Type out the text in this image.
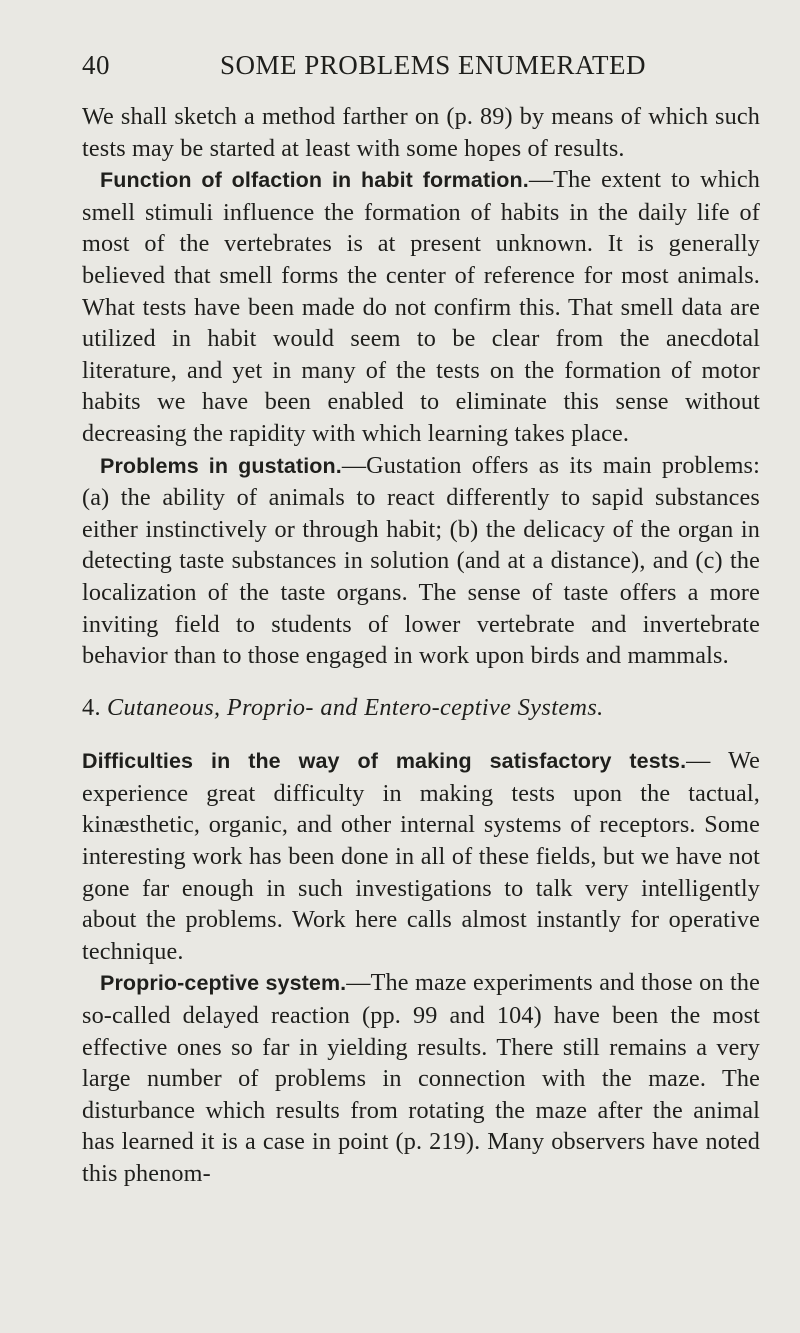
40	SOME PROBLEMS ENUMERATED

We shall sketch a method farther on (p. 89) by means of which such tests may be started at least with some hopes of results.

Function of olfaction in habit formation.—The extent to which smell stimuli influence the formation of habits in the daily life of most of the vertebrates is at present unknown. It is generally believed that smell forms the center of reference for most animals. What tests have been made do not confirm this. That smell data are utilized in habit would seem to be clear from the anecdotal literature, and yet in many of the tests on the formation of motor habits we have been enabled to eliminate this sense without decreasing the rapidity with which learning takes place.

Problems in gustation.—Gustation offers as its main problems: (a) the ability of animals to react differently to sapid substances either instinctively or through habit; (b) the delicacy of the organ in detecting taste substances in solution (and at a distance), and (c) the localization of the taste organs. The sense of taste offers a more inviting field to students of lower vertebrate and invertebrate behavior than to those engaged in work upon birds and mammals.

4. Cutaneous, Proprio- and Entero-ceptive Systems.

Difficulties in the way of making satisfactory tests.— We experience great difficulty in making tests upon the tactual, kinæsthetic, organic, and other internal systems of receptors. Some interesting work has been done in all of these fields, but we have not gone far enough in such investigations to talk very intelligently about the problems. Work here calls almost instantly for operative technique.

Proprio-ceptive system.—The maze experiments and those on the so-called delayed reaction (pp. 99 and 104) have been the most effective ones so far in yielding results. There still remains a very large number of problems in connection with the maze. The disturbance which results from rotating the maze after the animal has learned it is a case in point (p. 219). Many observers have noted this phenom-
